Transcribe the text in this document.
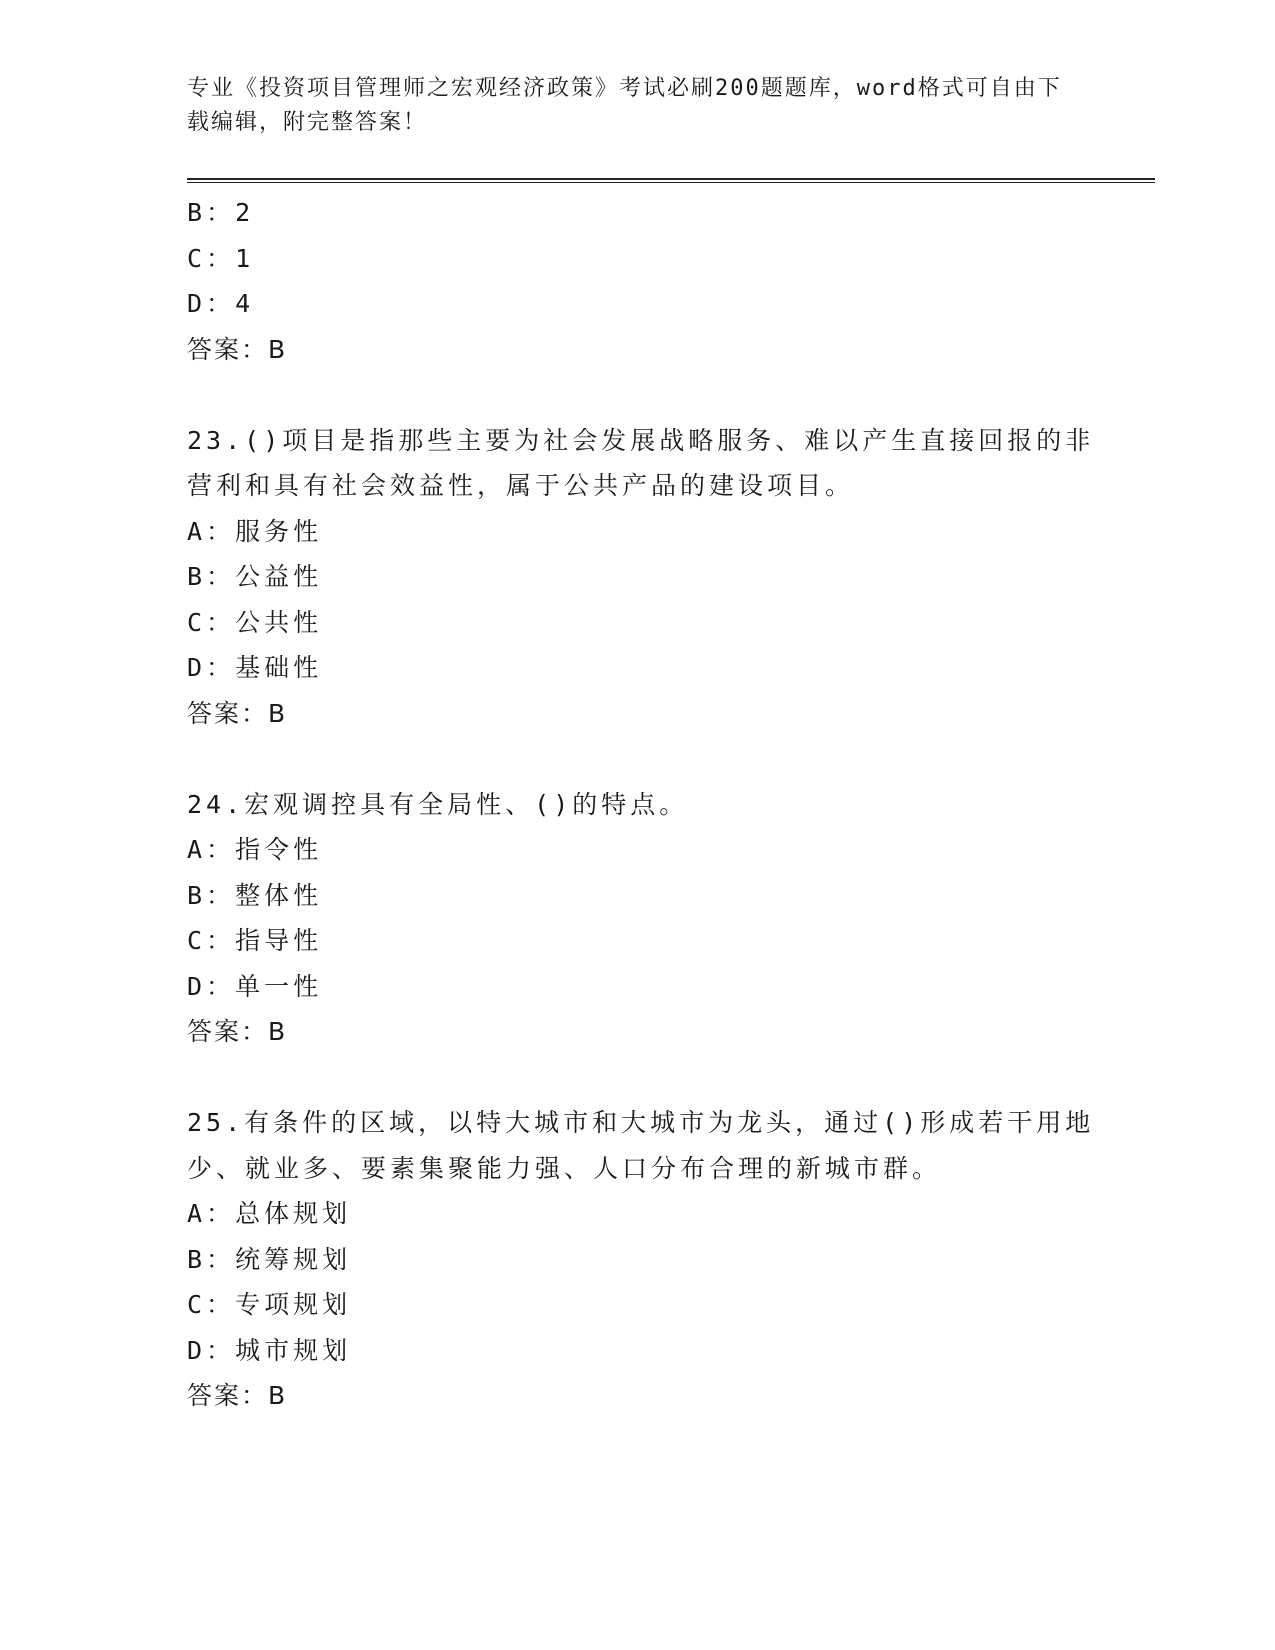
专业《投资项目管理师之宏观经济政策》考试必刷200题题库，word格式可自由下载编辑，附完整答案！
B：2
C：1
D：4
答案：B
23.()项目是指那些主要为社会发展战略服务、难以产生直接回报的非
营利和具有社会效益性，属于公共产品的建设项目。
A：服务性
B：公益性
C：公共性
D：基础性
答案：B
24.宏观调控具有全局性、()的特点。
A：指令性
B：整体性
C：指导性
D：单一性
答案：B
25.有条件的区域，以特大城市和大城市为龙头，通过()形成若干用地
少、就业多、要素集聚能力强、人口分布合理的新城市群。
A：总体规划
B：统筹规划
C：专项规划
D：城市规划
答案：B
